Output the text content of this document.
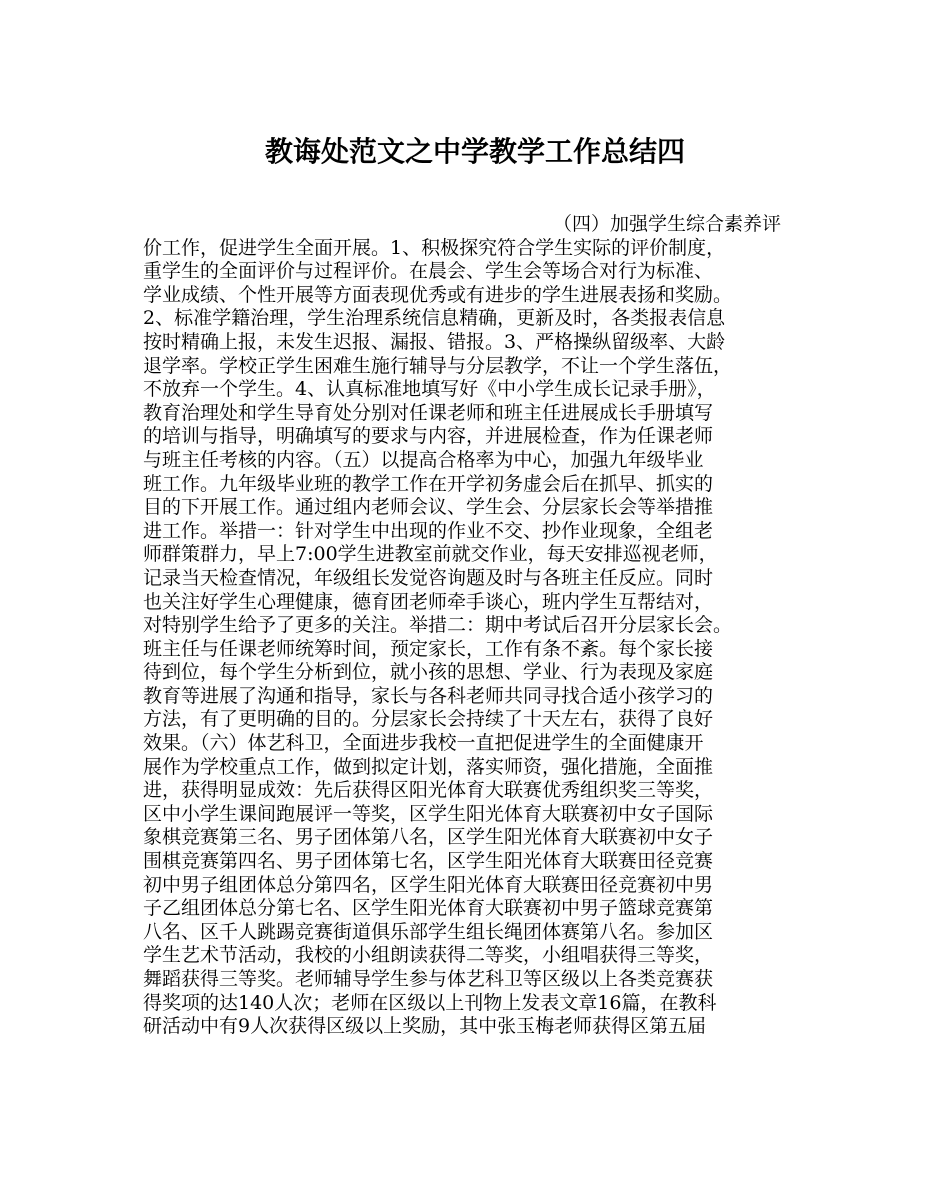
教诲处范文之中学教学工作总结四
（四）加强学生综合素养评
价工作，促进学生全面开展。1、积极探究符合学生实际的评价制度，
重学生的全面评价与过程评价。在晨会、学生会等场合对行为标准、
学业成绩、个性开展等方面表现优秀或有进步的学生进展表扬和奖励。
2、标准学籍治理，学生治理系统信息精确，更新及时，各类报表信息
按时精确上报，未发生迟报、漏报、错报。3、严格操纵留级率、大龄
退学率。学校正学生困难生施行辅导与分层教学，不让一个学生落伍，
不放弃一个学生。4、认真标准地填写好《中小学生成长记录手册》，
教育治理处和学生导育处分别对任课老师和班主任进展成长手册填写
的培训与指导，明确填写的要求与内容，并进展检查，作为任课老师
与班主任考核的内容。（五）以提高合格率为中心，加强九年级毕业
班工作。九年级毕业班的教学工作在开学初务虚会后在抓早、抓实的
目的下开展工作。通过组内老师会议、学生会、分层家长会等举措推
进工作。举措一：针对学生中出现的作业不交、抄作业现象，全组老
师群策群力，早上7:00学生进教室前就交作业，每天安排巡视老师，
记录当天检查情况，年级组长发觉咨询题及时与各班主任反应。同时
也关注好学生心理健康，德育团老师牵手谈心，班内学生互帮结对，
对特别学生给予了更多的关注。举措二：期中考试后召开分层家长会。
班主任与任课老师统筹时间，预定家长，工作有条不紊。每个家长接
待到位，每个学生分析到位，就小孩的思想、学业、行为表现及家庭
教育等进展了沟通和指导，家长与各科老师共同寻找合适小孩学习的
方法，有了更明确的目的。分层家长会持续了十天左右，获得了良好
效果。（六）体艺科卫，全面进步我校一直把促进学生的全面健康开
展作为学校重点工作，做到拟定计划，落实师资，强化措施，全面推
进，获得明显成效：先后获得区阳光体育大联赛优秀组织奖三等奖，
区中小学生课间跑展评一等奖，区学生阳光体育大联赛初中女子国际
象棋竞赛第三名、男子团体第八名，区学生阳光体育大联赛初中女子
围棋竞赛第四名、男子团体第七名，区学生阳光体育大联赛田径竞赛
初中男子组团体总分第四名，区学生阳光体育大联赛田径竞赛初中男
子乙组团体总分第七名、区学生阳光体育大联赛初中男子篮球竞赛第
八名、区千人跳踢竞赛街道俱乐部学生组长绳团体赛第八名。参加区
学生艺术节活动，我校的小组朗读获得二等奖，小组唱获得三等奖，
舞蹈获得三等奖。老师辅导学生参与体艺科卫等区级以上各类竞赛获
得奖项的达140人次；老师在区级以上刊物上发表文章16篇，在教科
研活动中有9人次获得区级以上奖励，其中张玉梅老师获得区第五届
